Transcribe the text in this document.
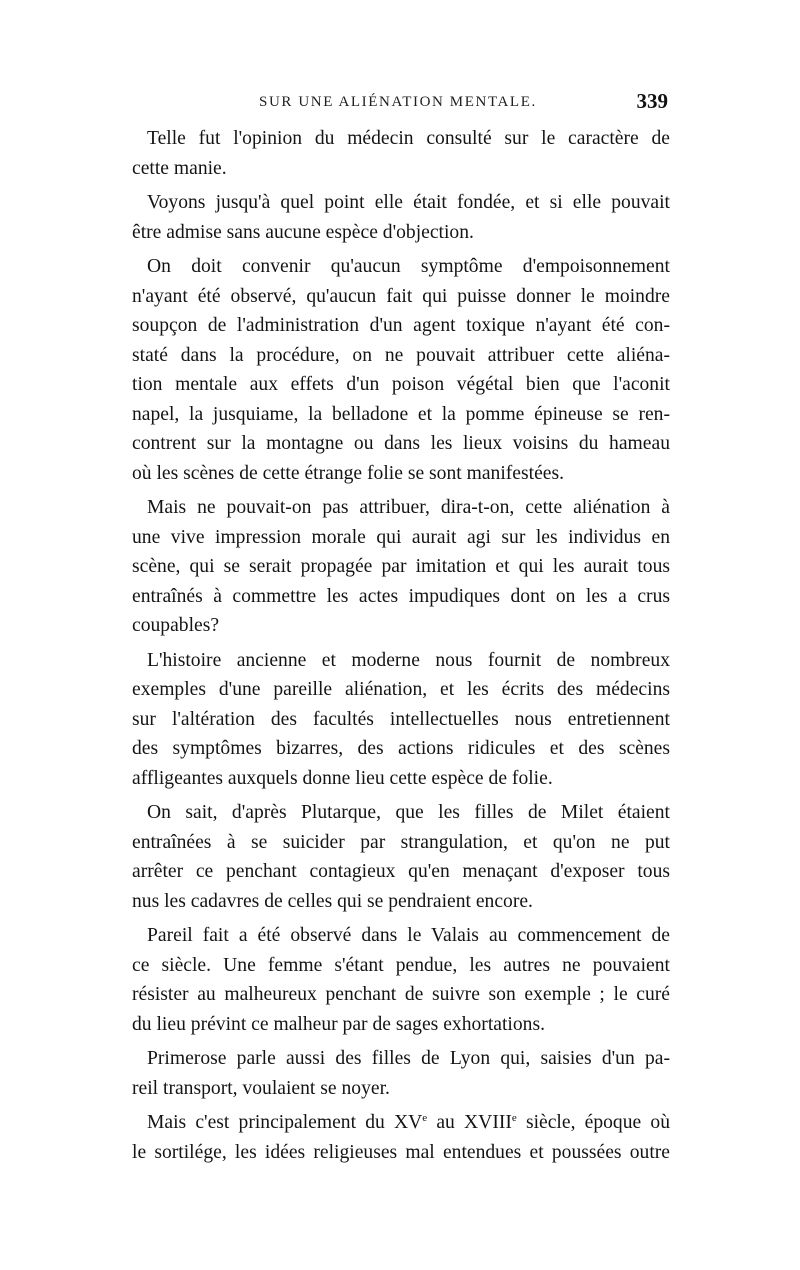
SUR UNE ALIÉNATION MENTALE.	339

Telle fut l'opinion du médecin consulté sur le caractère de
cette manie.

Voyons jusqu'à quel point elle était fondée, et si elle pouvait
être admise sans aucune espèce d'objection.

On doit convenir qu'aucun symptôme d'empoisonnement
n'ayant été observé, qu'aucun fait qui puisse donner le moindre
soupçon de l'administration d'un agent toxique n'ayant été con-
staté dans la procédure, on ne pouvait attribuer cette aliéna-
tion mentale aux effets d'un poison végétal bien que l'aconit
napel, la jusquiame, la belladone et la pomme épineuse se ren-
contrent sur la montagne ou dans les lieux voisins du hameau
où les scènes de cette étrange folie se sont manifestées.

Mais ne pouvait-on pas attribuer, dira-t-on, cette aliénation à
une vive impression morale qui aurait agi sur les individus en
scène, qui se serait propagée par imitation et qui les aurait tous
entraînés à commettre les actes impudiques dont on les a crus
coupables?

L'histoire ancienne et moderne nous fournit de nombreux
exemples d'une pareille aliénation, et les écrits des médecins
sur l'altération des facultés intellectuelles nous entretiennent
des symptômes bizarres, des actions ridicules et des scènes
affligeantes auxquels donne lieu cette espèce de folie.

On sait, d'après Plutarque, que les filles de Milet étaient
entraînées à se suicider par strangulation, et qu'on ne put
arrêter ce penchant contagieux qu'en menaçant d'exposer tous
nus les cadavres de celles qui se pendraient encore.

Pareil fait a été observé dans le Valais au commencement de
ce siècle. Une femme s'étant pendue, les autres ne pouvaient
résister au malheureux penchant de suivre son exemple ; le curé
du lieu prévint ce malheur par de sages exhortations.

Primerose parle aussi des filles de Lyon qui, saisies d'un pa-
reil transport, voulaient se noyer.

Mais c'est principalement du XVe au XVIIIe siècle, époque où
le sortilége, les idées religieuses mal entendues et poussées outre
